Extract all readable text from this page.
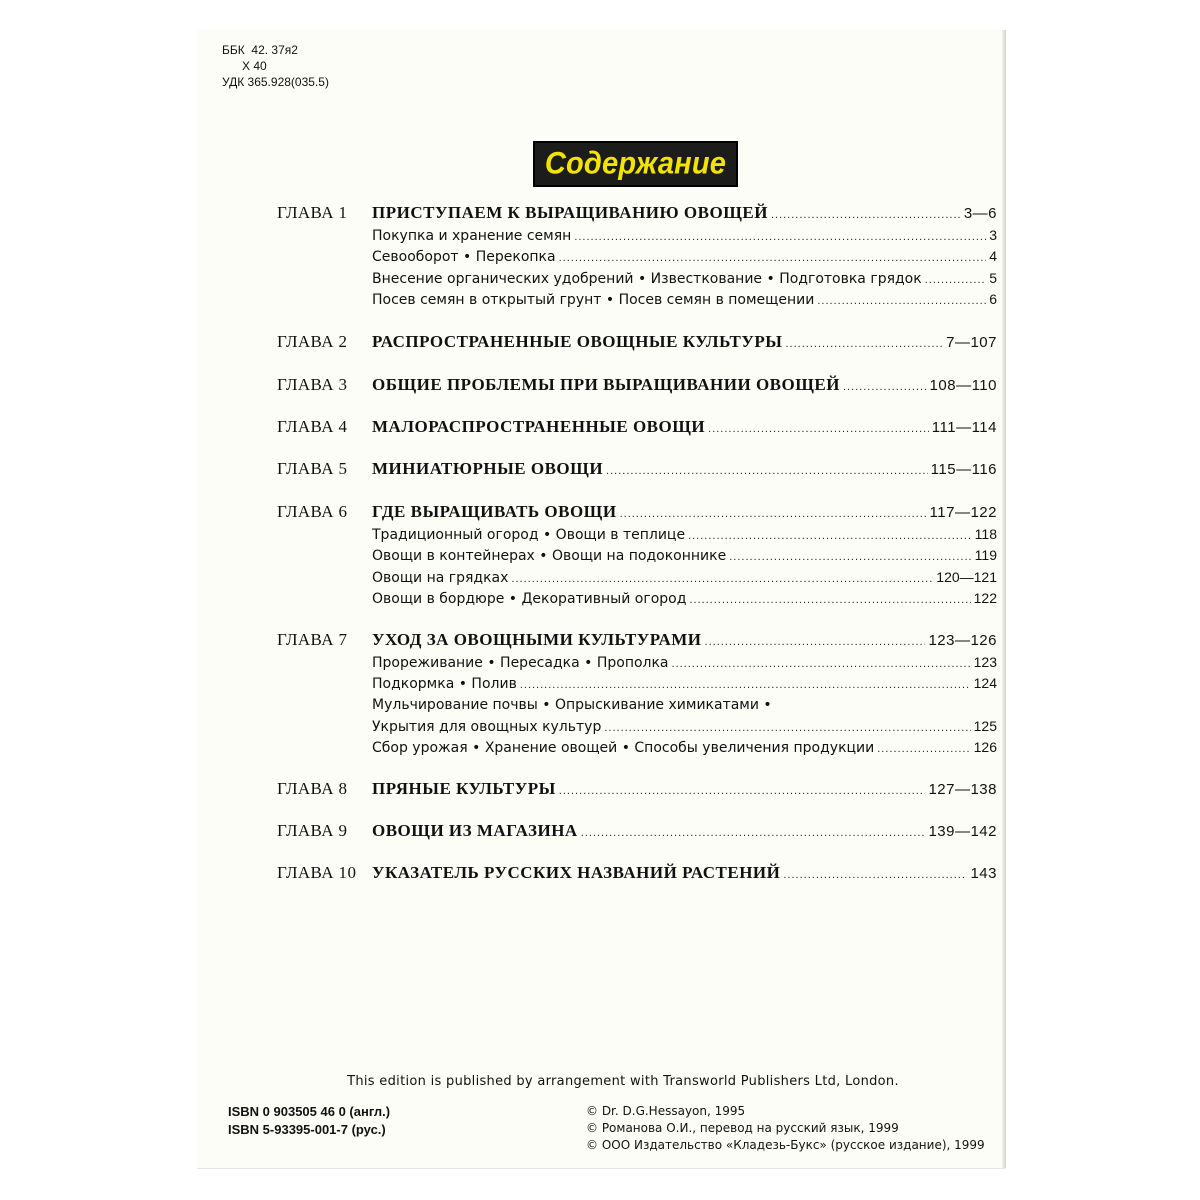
ББК  42. 37я2
Х 40
УДК 365.928(035.5)
Содержание
ГЛАВА 1 ПРИСТУПАЕМ К ВЫРАЩИВАНИЮ ОВОЩЕЙ .....	3—6
Покупка и хранение семян .....	3
Севооборот • Перекопка .....	4
Внесение органических удобрений • Известкование • Подготовка грядок .....	5
Посев семян в открытый грунт • Посев семян в помещении .....	6
ГЛАВА 2 РАСПРОСТРАНЕННЫЕ ОВОЩНЫЕ КУЛЬТУРЫ .....	7—107
ГЛАВА 3 ОБЩИЕ ПРОБЛЕМЫ ПРИ ВЫРАЩИВАНИИ ОВОЩЕЙ .....	108—110
ГЛАВА 4 МАЛОРАСПРОСТРАНЕННЫЕ ОВОЩИ .....	111—114
ГЛАВА 5 МИНИАТЮРНЫЕ ОВОЩИ .....	115—116
ГЛАВА 6 ГДЕ ВЫРАЩИВАТЬ ОВОЩИ .....	117—122
Традиционный огород • Овощи в теплице .....	118
Овощи в контейнерах • Овощи на подоконнике .....	119
Овощи на грядках .....	120—121
Овощи в бордюре • Декоративный огород .....	122
ГЛАВА 7 УХОД ЗА ОВОЩНЫМИ КУЛЬТУРАМИ .....	123—126
Прореживание • Пересадка • Прополка .....	123
Подкормка • Полив .....	124
Мульчирование почвы • Опрыскивание химикатами •
Укрытия для овощных культур .....	125
Сбор урожая • Хранение овощей • Способы увеличения продукции .....	126
ГЛАВА 8 ПРЯНЫЕ КУЛЬТУРЫ .....	127—138
ГЛАВА 9 ОВОЩИ ИЗ МАГАЗИНА .....	139—142
ГЛАВА 10 УКАЗАТЕЛЬ РУССКИХ НАЗВАНИЙ РАСТЕНИЙ .....	143
This edition is published by arrangement with Transworld Publishers Ltd, London.
ISBN 0 903505 46 0 (англ.)
ISBN 5-93395-001-7 (рус.)
© Dr. D.G.Hessayon, 1995
© Романова О.И., перевод на русский язык, 1999
© ООО Издательство «Кладезь-Букс» (русское издание), 1999
